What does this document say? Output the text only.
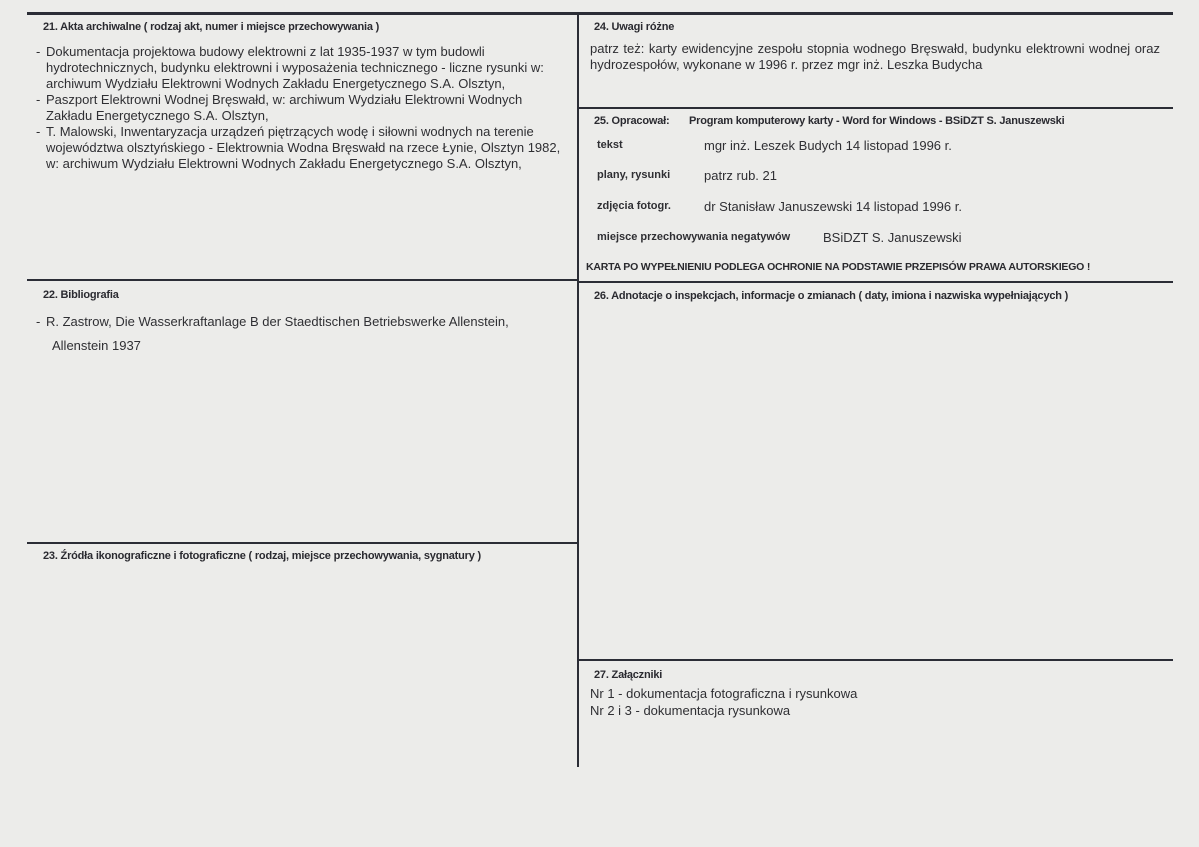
21. Akta archiwalne ( rodzaj akt, numer i miejsce przechowywania )
- Dokumentacja projektowa budowy elektrowni z lat 1935-1937 w tym budowli hydrotechnicznych, budynku elektrowni i wyposażenia technicznego - liczne rysunki w: archiwum Wydziału Elektrowni Wodnych Zakładu Energetycznego S.A. Olsztyn,
- Paszport Elektrowni Wodnej Bręswałd, w: archiwum Wydziału Elektrowni Wodnych Zakładu Energetycznego S.A. Olsztyn,
- T. Malowski, Inwentaryzacja urządzeń piętrzących wodę i siłowni wodnych na terenie województwa olsztyńskiego - Elektrownia Wodna Bręswałd na rzece Łynie, Olsztyn 1982, w: archiwum Wydziału Elektrowni Wodnych Zakładu Energetycznego S.A. Olsztyn,
22. Bibliografia
- R. Zastrow, Die Wasserkraftanlage B der Staedtischen Betriebswerke Allenstein,
Allenstein 1937
23. Źródła ikonograficzne i fotograficzne ( rodzaj, miejsce przechowywania, sygnatury )
24. Uwagi różne
patrz też: karty ewidencyjne zespołu stopnia wodnego Bręswałd, budynku elektrowni wodnej oraz hydrozespołów, wykonane w 1996 r. przez mgr inż. Leszka Budycha
25. Opracował: Program komputerowy karty - Word for Windows - BSiDZT S. Januszewski
tekst	mgr inż. Leszek Budych 14 listopad 1996 r.
plany, rysunki	patrz rub. 21
zdjęcia fotogr.	dr Stanisław Januszewski 14 listopad 1996 r.
miejsce przechowywania negatywów	BSiDZT S. Januszewski
KARTA PO WYPEŁNIENIU PODLEGA OCHRONIE NA PODSTAWIE PRZEPISÓW PRAWA AUTORSKIEGO !
26. Adnotacje o inspekcjach, informacje o zmianach ( daty, imiona i nazwiska wypełniających )
27. Załączniki
Nr 1 - dokumentacja fotograficzna i rysunkowa
Nr 2 i 3 - dokumentacja rysunkowa
